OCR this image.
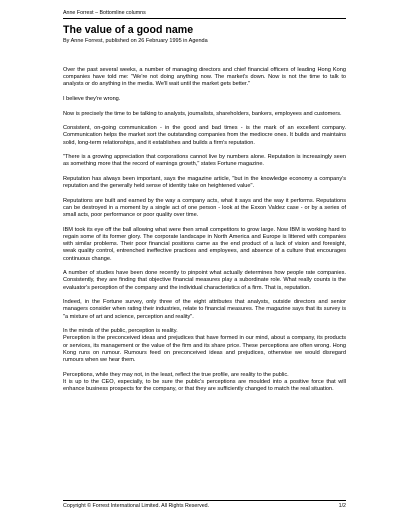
Anne Forrest – Bottomline columns
The value of a good name
By Anne Forrest, published on 26 February 1995 in Agenda

Over the past several weeks, a number of managing directors and chief financial officers of leading Hong Kong companies have told me: "We're not doing anything now. The market's down. Now is not the time to talk to analysts or do anything in the media. We'll wait until the market gets better."

I believe they're wrong.

Now is precisely the time to be talking to analysts, journalists, shareholders, bankers, employees and customers.

Consistent, on-going communication - in the good and bad times - is the mark of an excellent company. Communication helps the market sort the outstanding companies from the mediocre ones. It builds and maintains solid, long-term relationships, and it establishes and builds a firm's reputation.

"There is a growing appreciation that corporations cannot live by numbers alone. Reputation is increasingly seen as something more that the record of earnings growth," states Fortune magazine.

Reputation has always been important, says the magazine article, "but in the knowledge economy a company's reputation and the generally held sense of identity take on heightened value".

Reputations are built and earned by the way a company acts, what it says and the way it performs. Reputations can be destroyed in a moment by a single act of one person - look at the Exxon Valdez case - or by a series of small acts, poor performance or poor quality over time.

IBM took its eye off the ball allowing what were then small competitors to grow large. Now IBM is working hard to regain some of its former glory. The corporate landscape in North America and Europe is littered with companies with similar problems. Their poor financial positions came as the end product of a lack of vision and foresight, weak quality control, entrenched ineffective practices and employees, and absence of a culture that encourages continuous change.

A number of studies have been done recently to pinpoint what actually determines how people rate companies. Consistently, they are finding that objective financial measures play a subordinate role. What really counts is the evaluator's perception of the company and the individual characteristics of a firm. That is, reputation.

Indeed, in the Fortune survey, only three of the eight attributes that analysts, outside directors and senior managers consider when rating their industries, relate to financial measures. The magazine says that its survey is "a mixture of art and science, perception and reality".

In the minds of the public, perception is reality.

Perception is the preconceived ideas and prejudices that have formed in our mind, about a company, its products or services, its management or the value of the firm and its share price. These perceptions are often wrong. Hong Kong runs on rumour. Rumours feed on preconceived ideas and prejudices, otherwise we would disregard rumours when we hear them.

Perceptions, while they may not, in the least, reflect the true profile, are reality to the public.

It is up to the CEO, especially, to be sure the public's perceptions are moulded into a positive force that will enhance business prospects for the company, or that they are sufficiently changed to match the real situation.

Copyright © Forrest International Limited. All Rights Reserved.	1/2
